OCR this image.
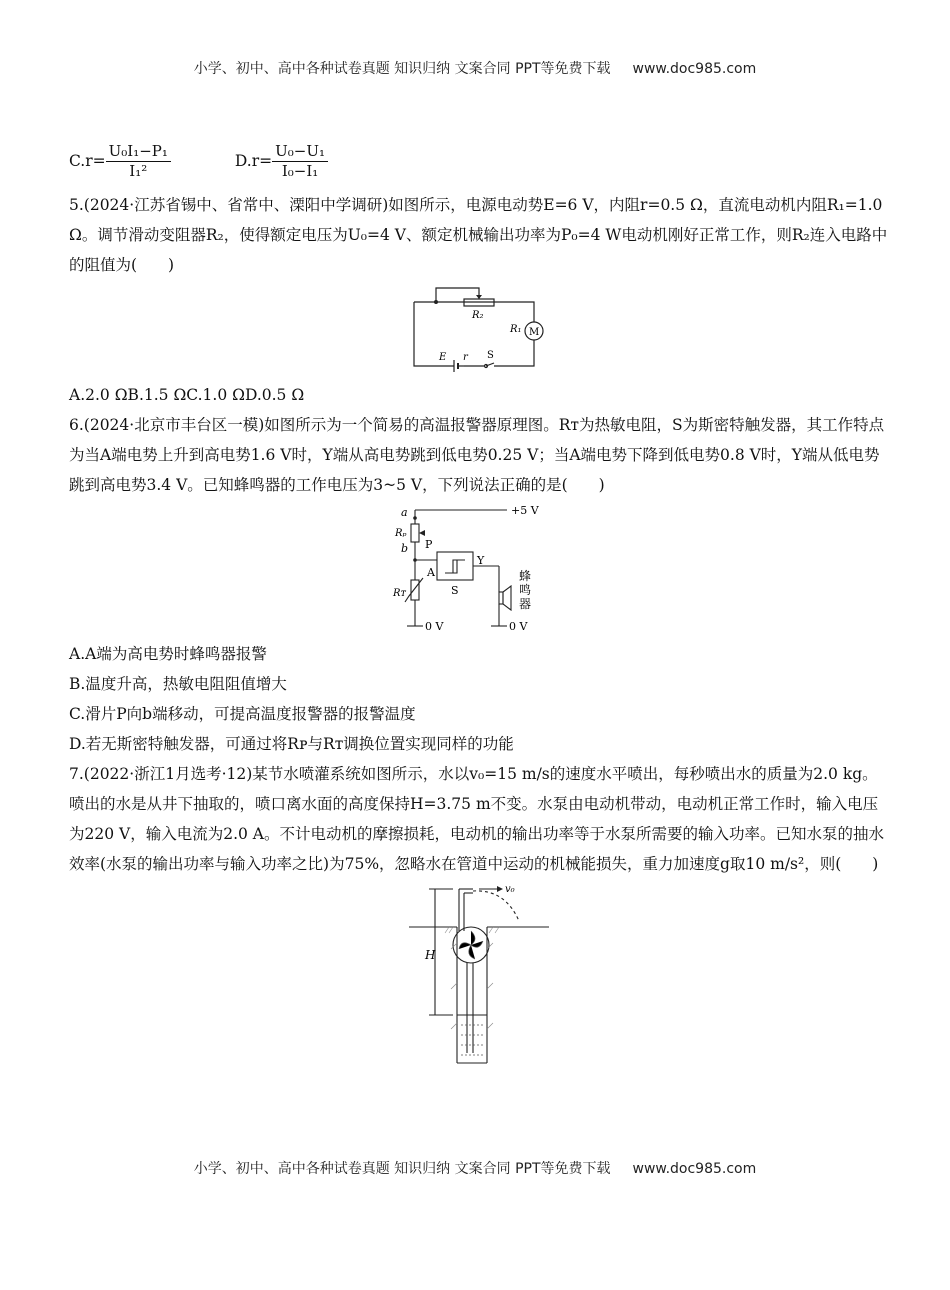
小学、初中、高中各种试卷真题 知识归纳 文案合同 PPT等免费下载 www.doc985.com
$C.r= \frac{\text{U₀I₁−P₁}}{\text{I₁²}}$	$D.r= \frac{\text{U₀−U₁}}{\text{I₀−I₁}}$

5.(2024·江苏省锡中、省常中、溧阳中学调研)如图所示，电源电动势E=6 V，内阻r=0.5 Ω，直流电动机内阻R₁=1.0 Ω。调节滑动变阻器R₂，使得额定电压为U₀=4 V、额定机械输出功率为P₀=4 W电动机刚好正常工作，则R₂连入电路中的阻值为(　　)

R₂
R₁ M
E r S

A.2.0 ΩB.1.5 ΩC.1.0 ΩD.0.5 Ω

6.(2024·北京市丰台区一模)如图所示为一个简易的高温报警器原理图。Rᴛ为热敏电阻，S为斯密特触发器，其工作特点为当A端电势上升到高电势1.6 V时，Y端从高电势跳到低电势0.25 V；当A端电势下降到低电势0.8 V时，Y端从低电势跳到高电势3.4 V。已知蜂鸣器的工作电压为3~5 V，下列说法正确的是(　　)

+5 V
a
Rₚ
b P
A
Y
S
Rᴛ
0 V	0 V
蜂
鸣
器

A.A端为高电势时蜂鸣器报警

B.温度升高，热敏电阻阻值增大

C.滑片P向b端移动，可提高温度报警器的报警温度

D.若无斯密特触发器，可通过将Rᴘ与Rᴛ调换位置实现同样的功能

7.(2022·浙江1月选考·12)某节水喷灌系统如图所示，水以v₀=15 m/s的速度水平喷出，每秒喷出水的质量为2.0 kg。喷出的水是从井下抽取的，喷口离水面的高度保持H=3.75 m不变。水泵由电动机带动，电动机正常工作时，输入电压为220 V，输入电流为2.0 A。不计电动机的摩擦损耗，电动机的输出功率等于水泵所需要的输入功率。已知水泵的抽水效率(水泵的输出功率与输入功率之比)为75%，忽略水在管道中运动的机械能损失，重力加速度g取10 m/s²，则(　　)

v₀
H
小学、初中、高中各种试卷真题 知识归纳 文案合同 PPT等免费下载 www.doc985.com
